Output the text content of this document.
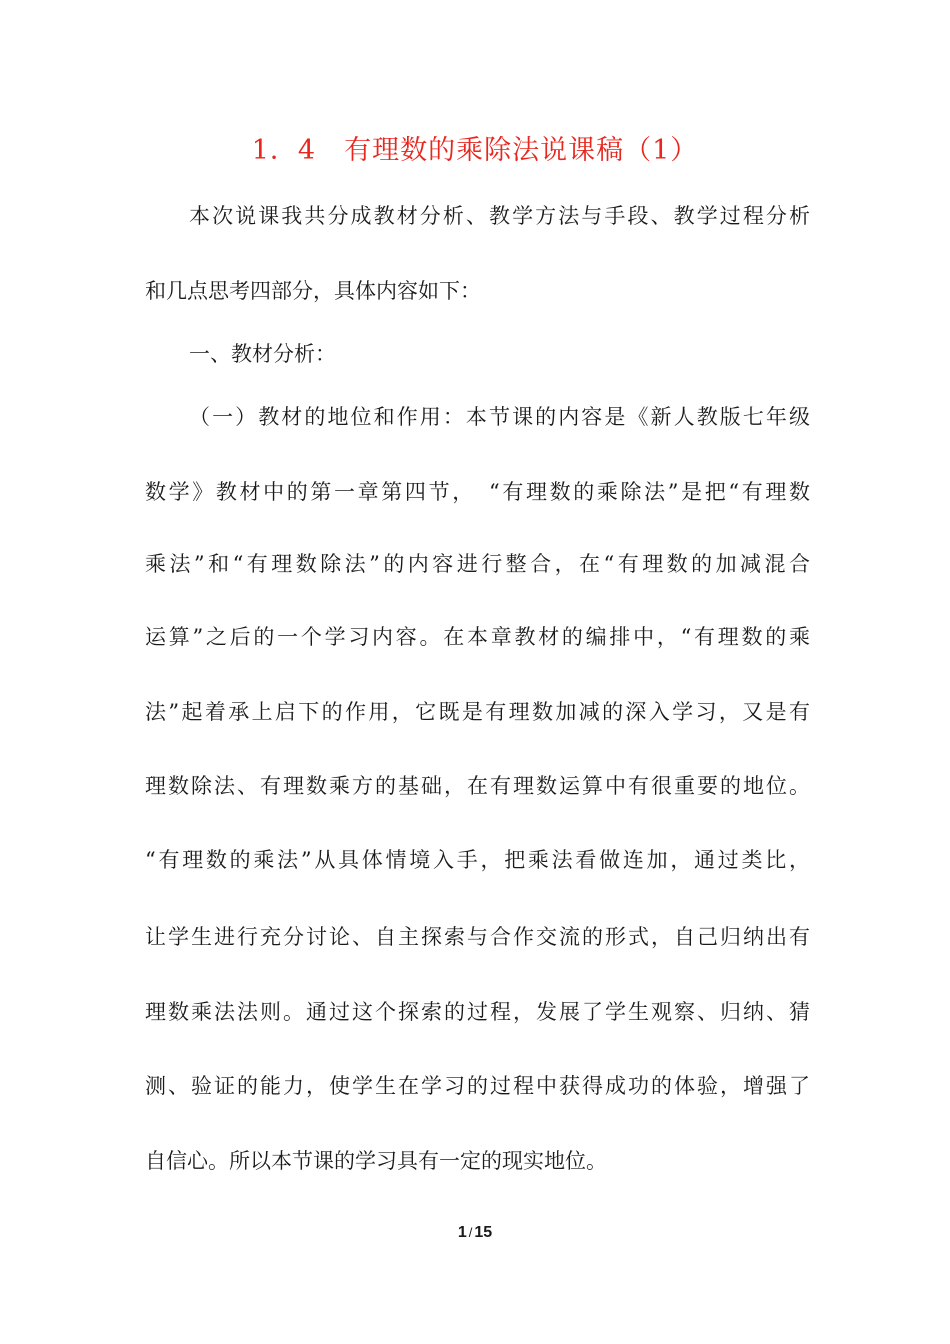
1．4　有理数的乘除法说课稿（1）
本次说课我共分成教材分析、教学方法与手段、教学过程分析
和几点思考四部分，具体内容如下：
一、教材分析：
（一）教材的地位和作用：本节课的内容是《新人教版七年级
数学》教材中的第一章第四节，　“有理数的乘除法”是把“有理数
乘法”和“有理数除法”的内容进行整合，在“有理数的加减混合
运算”之后的一个学习内容。在本章教材的编排中，“有理数的乘
法”起着承上启下的作用，它既是有理数加减的深入学习，又是有
理数除法、有理数乘方的基础，在有理数运算中有很重要的地位。
“有理数的乘法”从具体情境入手，把乘法看做连加，通过类比，
让学生进行充分讨论、自主探索与合作交流的形式，自己归纳出有
理数乘法法则。通过这个探索的过程，发展了学生观察、归纳、猜
测、验证的能力，使学生在学习的过程中获得成功的体验，增强了
自信心。所以本节课的学习具有一定的现实地位。
1 / 15
